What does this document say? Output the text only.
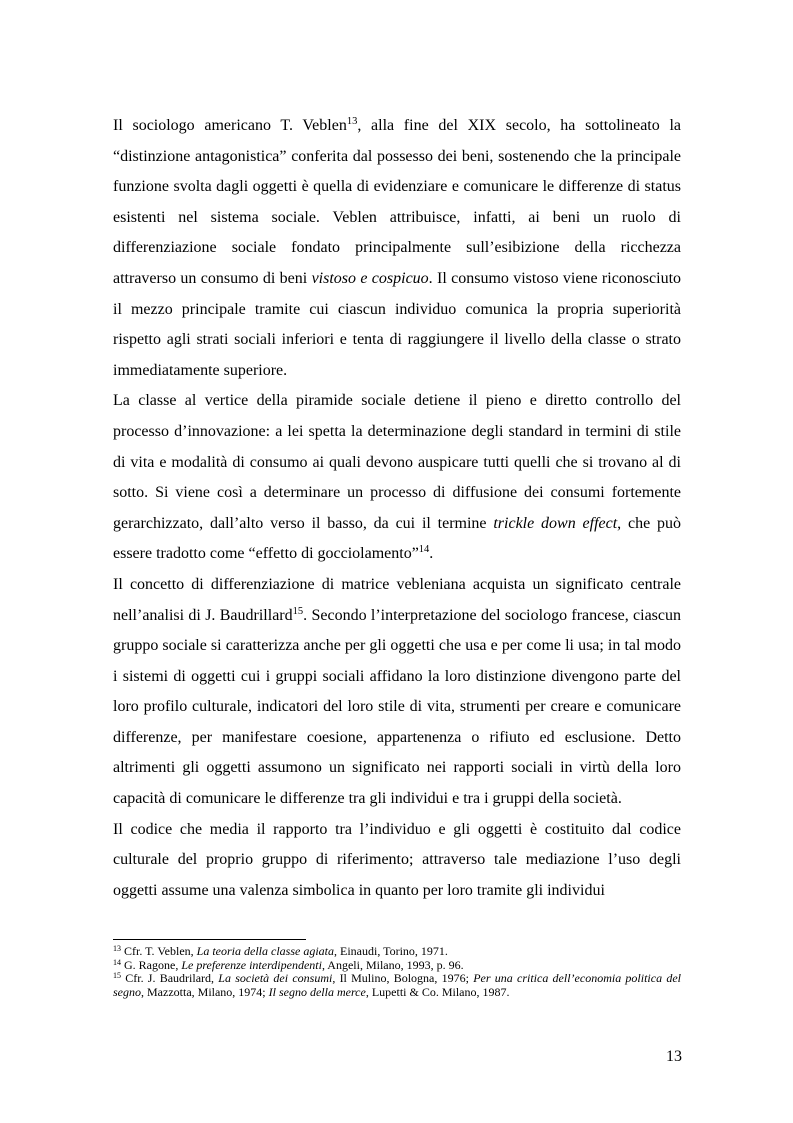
Il sociologo americano T. Veblen$^{13}$, alla fine del XIX secolo, ha sottolineato la “distinzione antagonistica” conferita dal possesso dei beni, sostenendo che la principale funzione svolta dagli oggetti è quella di evidenziare e comunicare le differenze di status esistenti nel sistema sociale. Veblen attribuisce, infatti, ai beni un ruolo di differenziazione sociale fondato principalmente sull’esibizione della ricchezza attraverso un consumo di beni vistoso e cospicuo. Il consumo vistoso viene riconosciuto il mezzo principale tramite cui ciascun individuo comunica la propria superiorità rispetto agli strati sociali inferiori e tenta di raggiungere il livello della classe o strato immediatamente superiore.

La classe al vertice della piramide sociale detiene il pieno e diretto controllo del processo d’innovazione: a lei spetta la determinazione degli standard in termini di stile di vita e modalità di consumo ai quali devono auspicare tutti quelli che si trovano al di sotto. Si viene così a determinare un processo di diffusione dei consumi fortemente gerarchizzato, dall’alto verso il basso, da cui il termine trickle down effect, che può essere tradotto come “effetto di gocciolamento”$^{14}$.

Il concetto di differenziazione di matrice vebleniana acquista un significato centrale nell’analisi di J. Baudrillard$^{15}$. Secondo l’interpretazione del sociologo francese, ciascun gruppo sociale si caratterizza anche per gli oggetti che usa e per come li usa; in tal modo i sistemi di oggetti cui i gruppi sociali affidano la loro distinzione divengono parte del loro profilo culturale, indicatori del loro stile di vita, strumenti per creare e comunicare differenze, per manifestare coesione, appartenenza o rifiuto ed esclusione. Detto altrimenti gli oggetti assumono un significato nei rapporti sociali in virtù della loro capacità di comunicare le differenze tra gli individui e tra i gruppi della società.

Il codice che media il rapporto tra l’individuo e gli oggetti è costituito dal codice culturale del proprio gruppo di riferimento; attraverso tale mediazione l’uso degli oggetti assume una valenza simbolica in quanto per loro tramite gli individui

$^{13}$ Cfr. T. Veblen, La teoria della classe agiata, Einaudi, Torino, 1971.

$^{14}$ G. Ragone, Le preferenze interdipendenti, Angeli, Milano, 1993, p. 96.

$^{15}$ Cfr. J. Baudrilard, La società dei consumi, Il Mulino, Bologna, 1976; Per una critica dell’economia politica del segno, Mazzotta, Milano, 1974; Il segno della merce, Lupetti & Co. Milano, 1987.

13
